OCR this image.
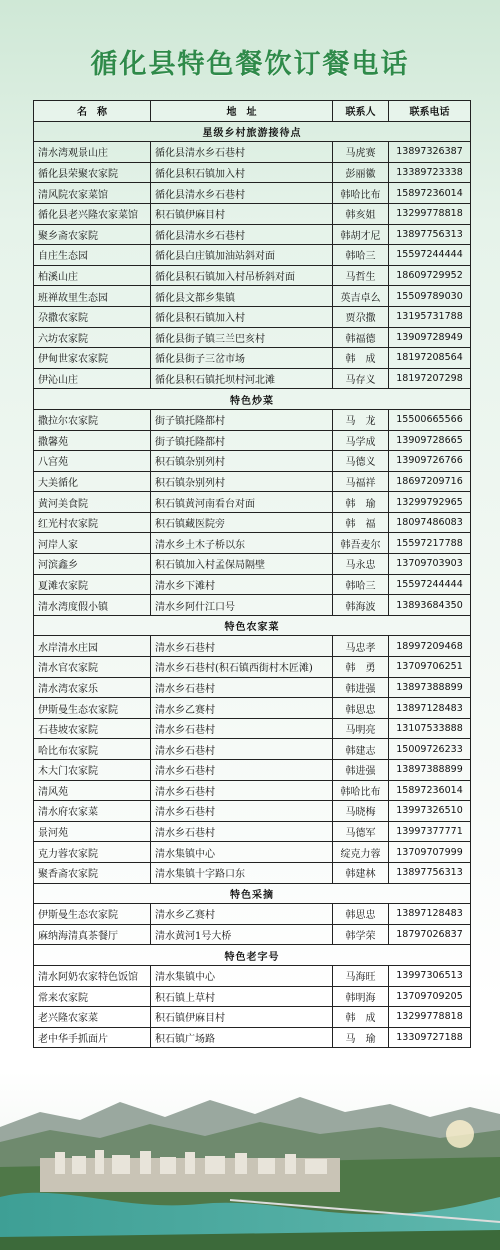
循化县特色餐饮订餐电话
名　称	地　址	联系人	联系电话
星级乡村旅游接待点			
清水湾观景山庄	循化县清水乡石巷村	马虎赛	13897326387
循化县荣聚农家院	循化县积石镇加入村	彭丽徽	13389723338
清风院农家菜馆	循化县清水乡石巷村	韩哈比布	15897236014
循化县老兴隆农家菜馆	积石镇伊麻目村	韩亥姐	13299778818
聚乡斋农家院	循化县清水乡石巷村	韩胡才尼	13897756313
自庄生态园	循化县白庄镇加油站斜对面	韩哈三	15597244444
柏溪山庄	循化县积石镇加入村吊桥斜对面	马哲生	18609729952
班禅故里生态园	循化县文都乡集镇	英吉卓么	15509789030
尕撒农家院	循化县积石镇加入村	贾尕撒	13195731788
六坊农家院	循化县街子镇三兰巴亥村	韩福德	13909728949
伊甸世家农家院	循化县街子三岔市场	韩　成	18197208564
伊沁山庄	循化县积石镇托坝村河北滩	马存义	18197207298
特色炒菜			
撒拉尔农家院	街子镇托隆都村	马　龙	15500665566
撒馨苑	街子镇托隆都村	马学成	13909728665
八宫苑	积石镇杂别列村	马德义	13909726766
大美循化	积石镇杂别列村	马福祥	18697209716
黄河美食院	积石镇黄河南看台对面	韩　瑜	13299792965
红光村农家院	积石镇藏医院旁	韩　福	18097486083
河岸人家	清水乡土木子桥以东	韩吾麦尔	15597217788
河滨鑫乡	积石镇加入村孟保局隔壁	马永忠	13709703903
夏滩农家院	清水乡下滩村	韩哈三	15597244444
清水湾度假小镇	清水乡阿什江口号	韩海波	13893684350
特色农家菜			
水岸清水庄园	清水乡石巷村	马忠孝	18997209468
清水官农家院	清水乡石巷村(积石镇西街村木匠滩)	韩　勇	13709706251
清水湾农家乐	清水乡石巷村	韩进强	13897388899
伊斯曼生态农家院	清水乡乙赛村	韩思忠	13897128483
石巷坡农家院	清水乡石巷村	马明亮	13107533888
哈比布农家院	清水乡石巷村	韩建志	15009726233
木大门农家院	清水乡石巷村	韩进强	13897388899
清风苑	清水乡石巷村	韩哈比布	15897236014
清水府农家菜	清水乡石巷村	马晓梅	13997326510
景河苑	清水乡石巷村	马德军	13997377771
克力蓉农家院	清水集镇中心	绽克力蓉	13709707999
聚香斋农家院	清水集镇十字路口东	韩建林	13897756313
特色采摘			
伊斯曼生态农家院	清水乡乙赛村	韩思忠	13897128483
麻纳海清真茶餐厅	清水黄河1号大桥	韩学荣	18797026837
特色老字号			
清水阿奶农家特色饭馆	清水集镇中心	马海旺	13997306513
常来农家院	积石镇上草村	韩明海	13709709205
老兴隆农家菜	积石镇伊麻目村	韩　成	13299778818
老中华手抓面片	积石镇广场路	马　瑜	13309727188
